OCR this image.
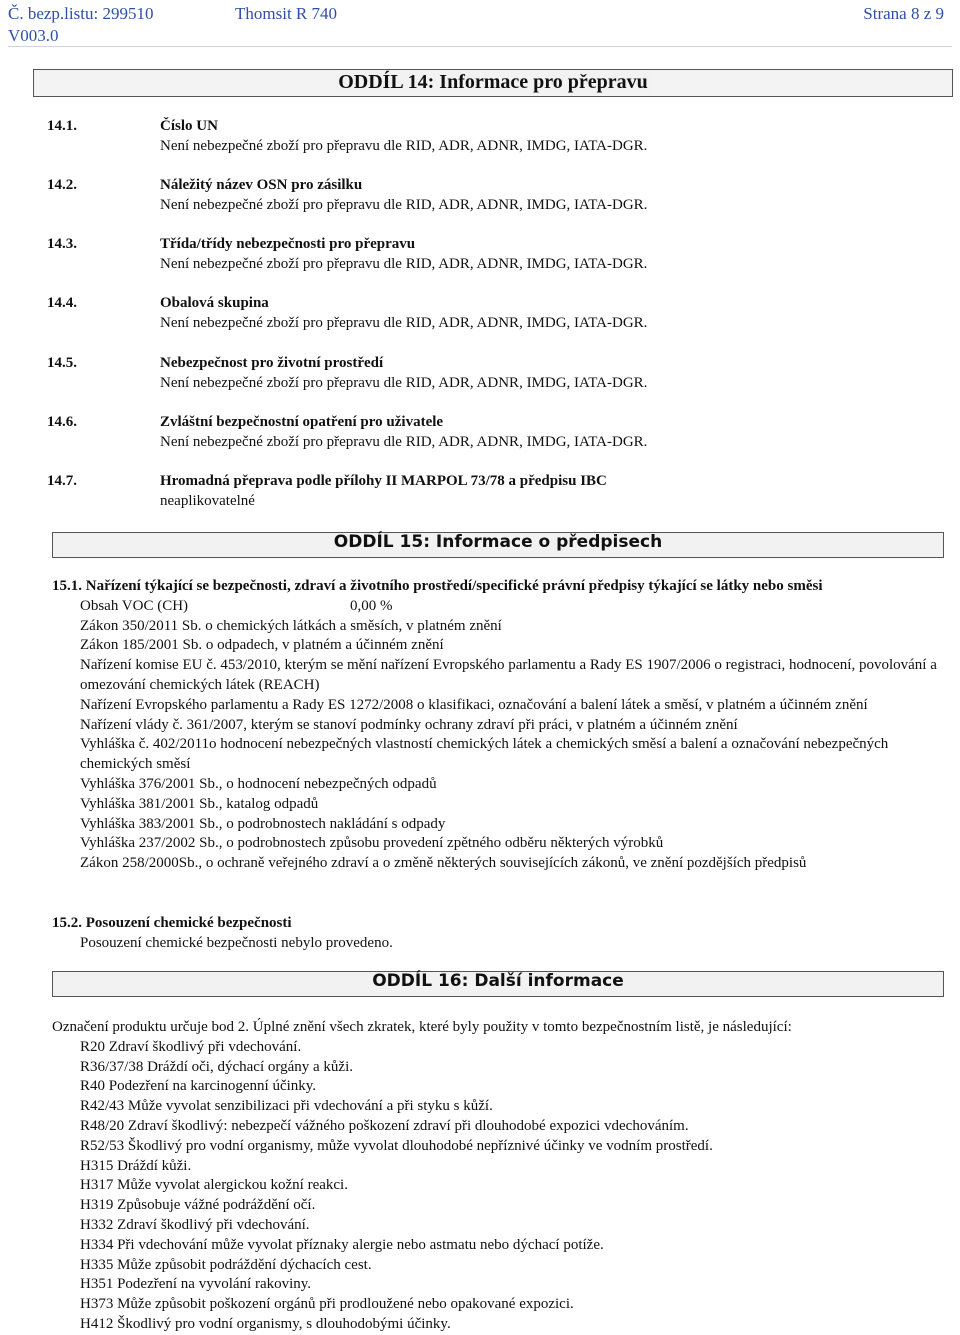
Č. bezp.listu: 299510	Thomsit R 740	Strana 8 z 9
V003.0
ODDÍL 14: Informace pro přepravu
14.1.	Číslo UN
Není nebezpečné zboží pro přepravu dle RID, ADR, ADNR, IMDG, IATA-DGR.
14.2.	Náležitý název OSN pro zásilku
Není nebezpečné zboží pro přepravu dle RID, ADR, ADNR, IMDG, IATA-DGR.
14.3.	Třída/třídy nebezpečnosti pro přepravu
Není nebezpečné zboží pro přepravu dle RID, ADR, ADNR, IMDG, IATA-DGR.
14.4.	Obalová skupina
Není nebezpečné zboží pro přepravu dle RID, ADR, ADNR, IMDG, IATA-DGR.
14.5.	Nebezpečnost pro životní prostředí
Není nebezpečné zboží pro přepravu dle RID, ADR, ADNR, IMDG, IATA-DGR.
14.6.	Zvláštní bezpečnostní opatření pro uživatele
Není nebezpečné zboží pro přepravu dle RID, ADR, ADNR, IMDG, IATA-DGR.
14.7.	Hromadná přeprava podle přílohy II MARPOL 73/78 a předpisu IBC
neaplikovatelné
ODDÍL 15: Informace o předpisech
15.1. Nařízení týkající se bezpečnosti, zdraví a životního prostředí/specifické právní předpisy týkající se látky nebo směsi
Obsah VOC (CH)	0,00 %
Zákon 350/2011 Sb. o chemických látkách a směsích, v platném znění
Zákon 185/2001 Sb. o odpadech, v platném a účinném znění
Nařízení komise EU č. 453/2010, kterým se mění nařízení Evropského parlamentu a Rady ES 1907/2006 o registraci, hodnocení, povolování a omezování chemických látek (REACH)
Nařízení Evropského parlamentu a Rady ES 1272/2008 o klasifikaci, označování a balení látek a směsí, v platném a účinném znění
Nařízení vlády č. 361/2007, kterým se stanoví podmínky ochrany zdraví při práci, v platném a účinném znění
Vyhláška č. 402/2011o hodnocení nebezpečných vlastností chemických látek a chemických směsí a balení a označování nebezpečných chemických směsí
Vyhláška 376/2001 Sb., o hodnocení nebezpečných odpadů
Vyhláška 381/2001 Sb., katalog odpadů
Vyhláška 383/2001 Sb., o podrobnostech nakládání s odpady
Vyhláška 237/2002 Sb., o podrobnostech způsobu provedení zpětného odběru některých výrobků
Zákon 258/2000Sb., o ochraně veřejného zdraví a o změně některých souvisejících zákonů, ve znění pozdějších předpisů
15.2. Posouzení chemické bezpečnosti
Posouzení chemické bezpečnosti nebylo provedeno.
ODDÍL 16: Další informace
Označení produktu určuje bod 2. Úplné znění všech zkratek, které byly použity v tomto bezpečnostním listě, je následující:
R20 Zdraví škodlivý při vdechování.
R36/37/38 Dráždí oči, dýchací orgány a kůži.
R40 Podezření na karcinogenní účinky.
R42/43 Může vyvolat senzibilizaci při vdechování a při styku s kůží.
R48/20 Zdraví škodlivý: nebezpečí vážného poškození zdraví při dlouhodobé expozici vdechováním.
R52/53 Škodlivý pro vodní organismy, může vyvolat dlouhodobé nepříznivé účinky ve vodním prostředí.
H315 Dráždí kůži.
H317 Může vyvolat alergickou kožní reakci.
H319 Způsobuje vážné podráždění očí.
H332 Zdraví škodlivý při vdechování.
H334 Při vdechování může vyvolat příznaky alergie nebo astmatu nebo dýchací potíže.
H335 Může způsobit podráždění dýchacích cest.
H351 Podezření na vyvolání rakoviny.
H373 Může způsobit poškození orgánů při prodloužené nebo opakované expozici.
H412 Škodlivý pro vodní organismy, s dlouhodobými účinky.
